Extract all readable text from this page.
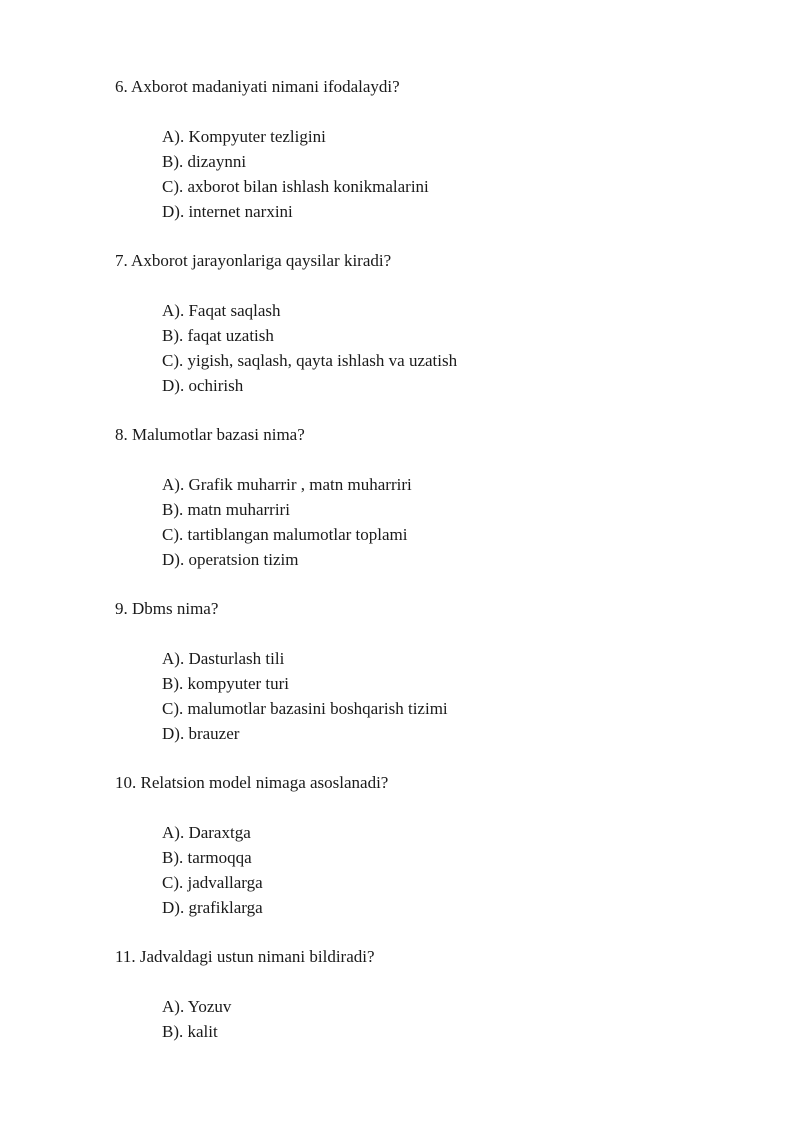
6. Axborot madaniyati nimani ifodalaydi?
A). Kompyuter tezligini
B). dizaynni
C). axborot bilan ishlash konikmalarini
D). internet narxini
7. Axborot jarayonlariga qaysilar kiradi?
A). Faqat saqlash
B). faqat uzatish
C). yigish, saqlash, qayta ishlash va uzatish
D). ochirish
8. Malumotlar bazasi nima?
A). Grafik muharrir , matn muharriri
B). matn muharriri
C). tartiblangan malumotlar toplami
D). operatsion tizim
9. Dbms nima?
A). Dasturlash tili
B). kompyuter turi
C). malumotlar bazasini boshqarish tizimi
D). brauzer
10. Relatsion model nimaga asoslanadi?
A). Daraxtga
B). tarmoqqa
C). jadvallarga
D). grafiklarga
11. Jadvaldagi ustun nimani bildiradi?
A). Yozuv
B). kalit
